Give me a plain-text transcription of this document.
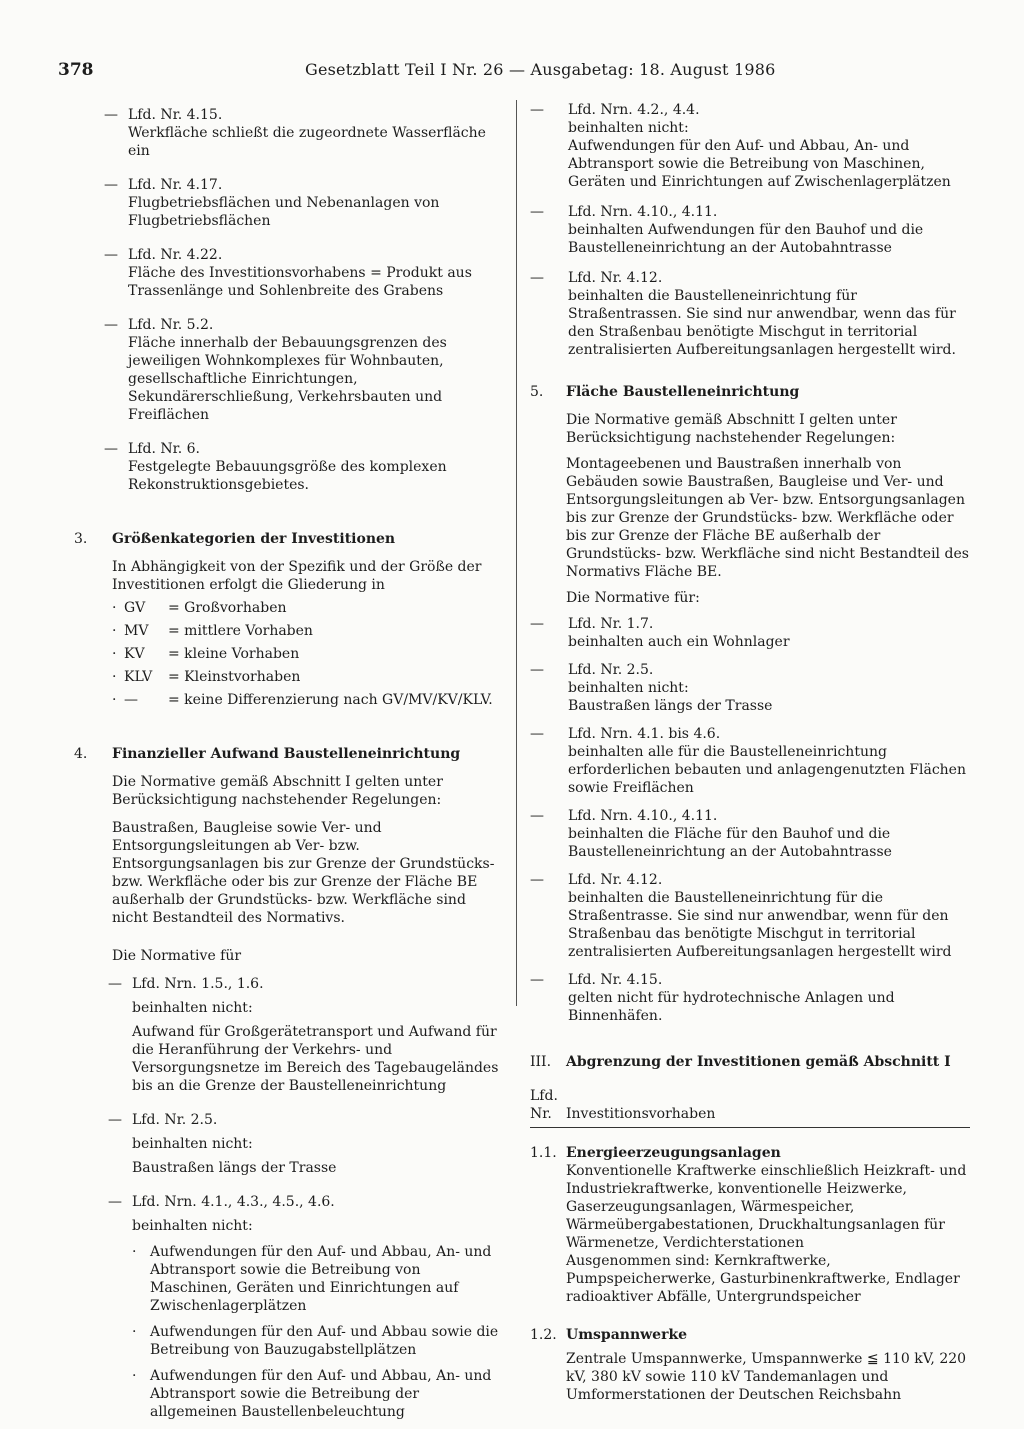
378	Gesetzblatt Teil I Nr. 26 — Ausgabetag: 18. August 1986
— Lfd. Nr. 4.15.

Werkfläche schließt die zugeordnete Wasserfläche ein

— Lfd. Nr. 4.17.

Flugbetriebsflächen und Nebenanlagen von Flugbetriebsflächen

— Lfd. Nr. 4.22.

Fläche des Investitionsvorhabens = Produkt aus Trassenlänge und Sohlenbreite des Grabens

— Lfd. Nr. 5.2.

Fläche innerhalb der Bebauungsgrenzen des jeweiligen Wohnkomplexes für Wohnbauten, gesellschaftliche Einrichtungen, Sekundärerschließung, Verkehrsbauten und Freiflächen

— Lfd. Nr. 6.

Festgelegte Bebauungsgröße des komplexen Rekonstruktionsgebietes.

3. Größenkategorien der Investitionen

In Abhängigkeit von der Spezifik und der Größe der Investitionen erfolgt die Gliederung in

· GV	= Großvorhaben
· MV	= mittlere Vorhaben
· KV	= kleine Vorhaben
· KLV	= Kleinstvorhaben
· —	= keine Differenzierung nach GV/MV/KV/KLV.
4. Finanzieller Aufwand Baustelleneinrichtung

Die Normative gemäß Abschnitt I gelten unter Berücksichtigung nachstehender Regelungen:

Baustraßen, Baugleise sowie Ver- und Entsorgungsleitungen ab Ver- bzw. Entsorgungsanlagen bis zur Grenze der Grundstücks- bzw. Werkfläche oder bis zur Grenze der Fläche BE außerhalb der Grundstücks- bzw. Werkfläche sind nicht Bestandteil des Normativs.

Die Normative für

— Lfd. Nrn. 1.5., 1.6.

beinhalten nicht:

Aufwand für Großgerätetransport und Aufwand für die Heranführung der Verkehrs- und Versorgungsnetze im Bereich des Tagebaugeländes bis an die Grenze der Baustelleneinrichtung

— Lfd. Nr. 2.5.

beinhalten nicht:

Baustraßen längs der Trasse

— Lfd. Nrn. 4.1., 4.3., 4.5., 4.6.

beinhalten nicht:

· Aufwendungen für den Auf- und Abbau, An- und Abtransport sowie die Betreibung von Maschinen, Geräten und Einrichtungen auf Zwischenlagerplätzen

· Aufwendungen für den Auf- und Abbau sowie die Betreibung von Bauzugabstellplätzen

· Aufwendungen für den Auf- und Abbau, An- und Abtransport sowie die Betreibung der allgemeinen Baustellenbeleuchtung

— Lfd. Nrn. 4.2., 4.4.

beinhalten nicht:

Aufwendungen für den Auf- und Abbau, An- und Abtransport sowie die Betreibung von Maschinen, Geräten und Einrichtungen auf Zwischenlagerplätzen

— Lfd. Nrn. 4.10., 4.11.

beinhalten Aufwendungen für den Bauhof und die Baustelleneinrichtung an der Autobahntrasse

— Lfd. Nr. 4.12.

beinhalten die Baustelleneinrichtung für Straßentrassen. Sie sind nur anwendbar, wenn das für den Straßenbau benötigte Mischgut in territorial zentralisierten Aufbereitungsanlagen hergestellt wird.

5. Fläche Baustelleneinrichtung

Die Normative gemäß Abschnitt I gelten unter Berücksichtigung nachstehender Regelungen:

Montageebenen und Baustraßen innerhalb von Gebäuden sowie Baustraßen, Baugleise und Ver- und Entsorgungsleitungen ab Ver- bzw. Entsorgungsanlagen bis zur Grenze der Grundstücks- bzw. Werkfläche oder bis zur Grenze der Fläche BE außerhalb der Grundstücks- bzw. Werkfläche sind nicht Bestandteil des Normativs Fläche BE.

Die Normative für:

— Lfd. Nr. 1.7.

beinhalten auch ein Wohnlager

— Lfd. Nr. 2.5.

beinhalten nicht:

Baustraßen längs der Trasse

— Lfd. Nrn. 4.1. bis 4.6.

beinhalten alle für die Baustelleneinrichtung erforderlichen bebauten und anlagengenutzten Flächen sowie Freiflächen

— Lfd. Nrn. 4.10., 4.11.

beinhalten die Fläche für den Bauhof und die Baustelleneinrichtung an der Autobahntrasse

— Lfd. Nr. 4.12.

beinhalten die Baustelleneinrichtung für die Straßentrasse. Sie sind nur anwendbar, wenn für den Straßenbau das benötigte Mischgut in territorial zentralisierten Aufbereitungsanlagen hergestellt wird

— Lfd. Nr. 4.15.

gelten nicht für hydrotechnische Anlagen und Binnenhäfen.

III. Abgrenzung der Investitionen gemäß Abschnitt I
Lfd.
Nr.	Investitionsvorhaben
1.1. Energieerzeugungsanlagen

Konventionelle Kraftwerke einschließlich Heizkraft- und Industriekraftwerke, konventionelle Heizwerke, Gaserzeugungsanlagen, Wärmespeicher, Wärmeübergabestationen, Druckhaltungsanlagen für Wärmenetze, Verdichterstationen

Ausgenommen sind: Kernkraftwerke, Pumpspeicherwerke, Gasturbinenkraftwerke, Endlager radioaktiver Abfälle, Untergrundspeicher

1.2. Umspannwerke

Zentrale Umspannwerke, Umspannwerke ≦ 110 kV, 220 kV, 380 kV sowie 110 kV Tandemanlagen und Umformerstationen der Deutschen Reichsbahn
